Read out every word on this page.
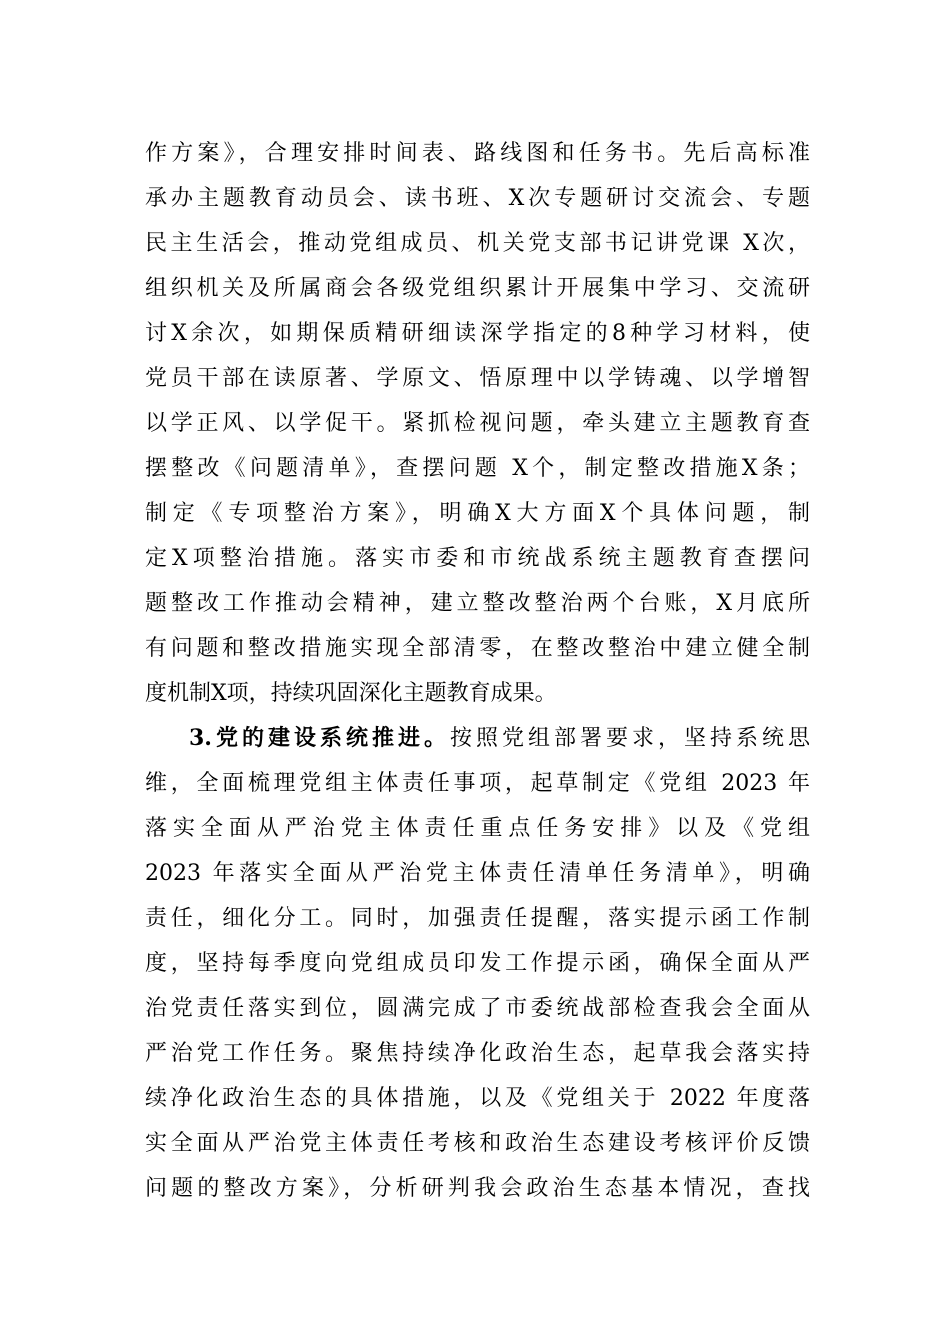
作方案》，合理安排时间表、路线图和任务书。先后高标准
承办主题教育动员会、读书班、X次专题研讨交流会、专题
民主生活会，推动党组成员、机关党支部书记讲党课 X次，
组织机关及所属商会各级党组织累计开展集中学习、交流研
讨X余次，如期保质精研细读深学指定的8种学习材料，使
党员干部在读原著、学原文、悟原理中以学铸魂、以学增智
以学正风、以学促干。紧抓检视问题，牵头建立主题教育查
摆整改《问题清单》，查摆问题 X个，制定整改措施X条；
制定《专项整治方案》，明确X大方面X个具体问题，制
定X项整治措施。落实市委和市统战系统主题教育查摆问
题整改工作推动会精神，建立整改整治两个台账，X月底所
有问题和整改措施实现全部清零，在整改整治中建立健全制
度机制X项，持续巩固深化主题教育成果。
3.党的建设系统推进。按照党组部署要求，坚持系统思
维，全面梳理党组主体责任事项，起草制定《党组 2023 年
落实全面从严治党主体责任重点任务安排》以及《党组
2023 年落实全面从严治党主体责任清单任务清单》，明确
责任，细化分工。同时，加强责任提醒，落实提示函工作制
度，坚持每季度向党组成员印发工作提示函，确保全面从严
治党责任落实到位，圆满完成了市委统战部检查我会全面从
严治党工作任务。聚焦持续净化政治生态，起草我会落实持
续净化政治生态的具体措施，以及《党组关于 2022 年度落
实全面从严治党主体责任考核和政治生态建设考核评价反馈
问题的整改方案》，分析研判我会政治生态基本情况，查找
